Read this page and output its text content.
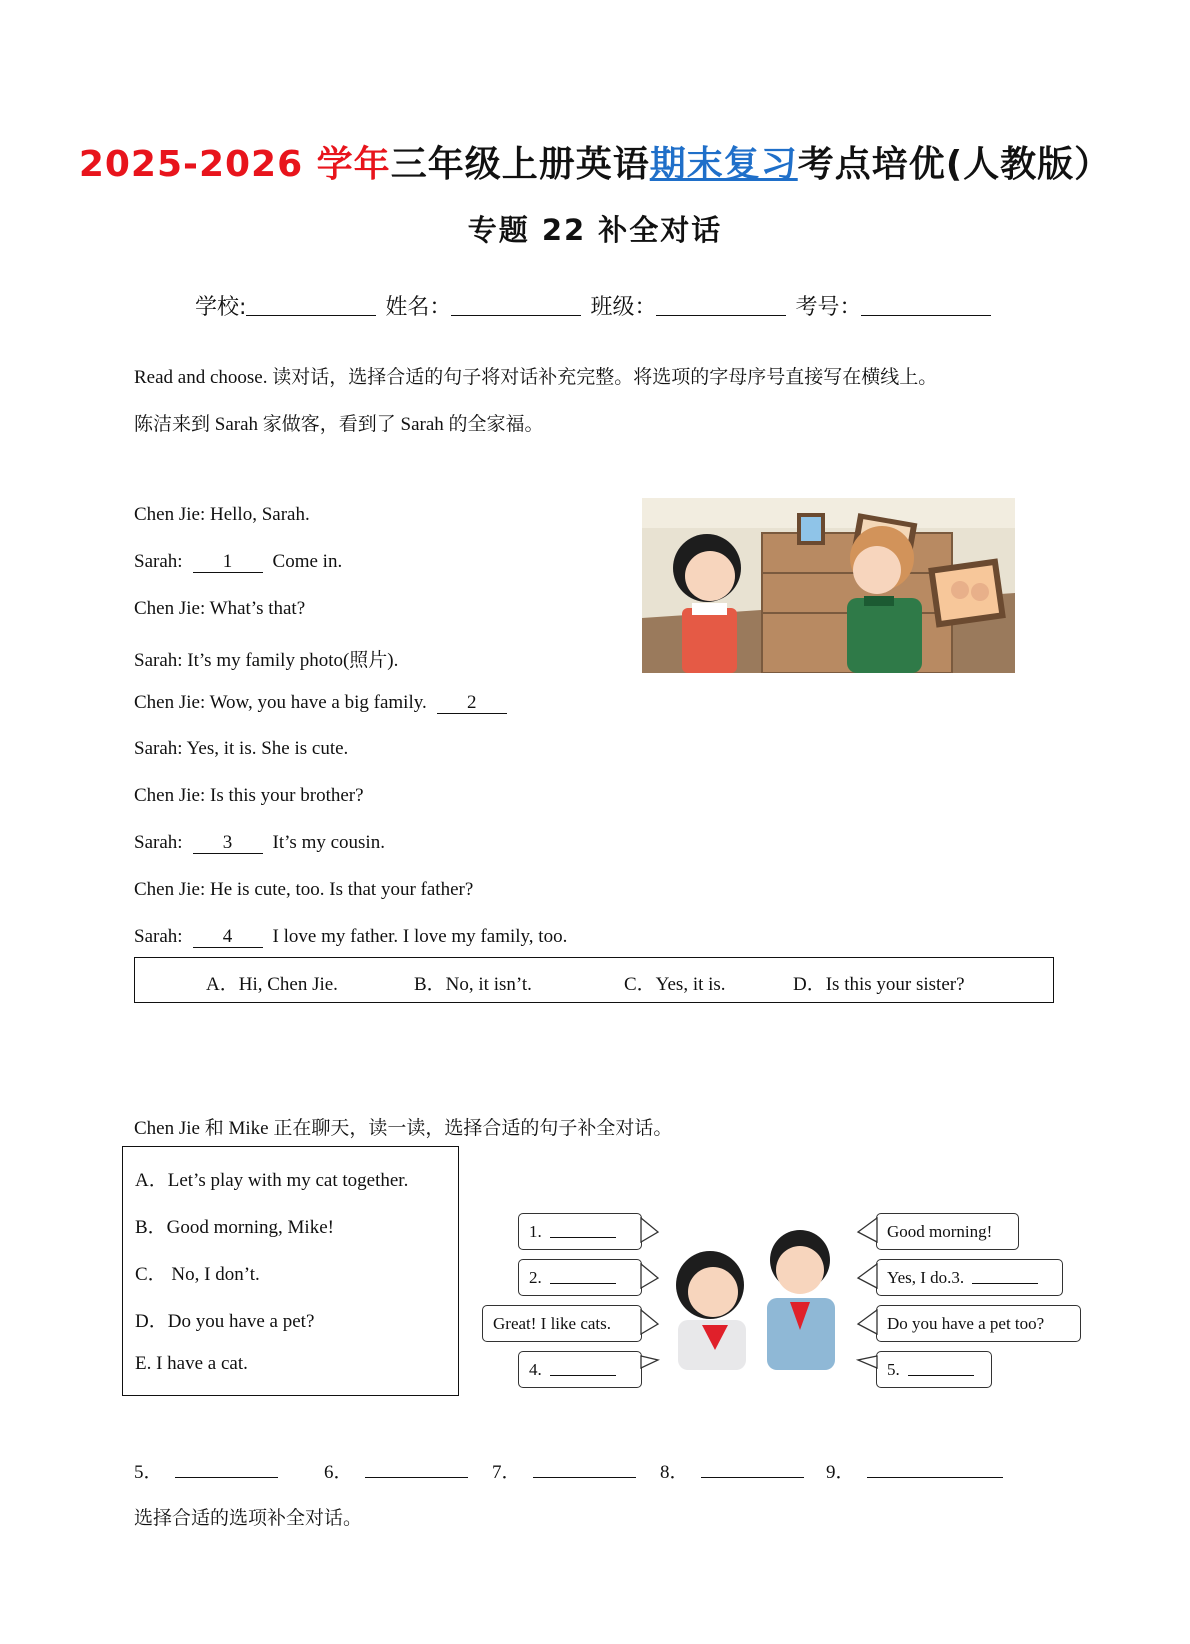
2025-2026 学年三年级上册英语期末复习考点培优(人教版）
专题 22 补全对话
学校:	姓名：	班级：	考号：
Read and choose. 读对话，选择合适的句子将对话补充完整。将选项的字母序号直接写在横线上。
陈洁来到 Sarah 家做客，看到了 Sarah 的全家福。
Chen Jie: Hello, Sarah.
Sarah: 1 Come in.
Chen Jie: What’s that?
Sarah: It’s my family photo(照片).
Chen Jie: Wow, you have a big family. 2
Sarah: Yes, it is. She is cute.
Chen Jie: Is this your brother?
Sarah: 3 It’s my cousin.
Chen Jie: He is cute, too. Is that your father?
Sarah: 4 I love my father. I love my family, too.
A．Hi, Chen Jie.	B．No, it isn’t.	C．Yes, it is.	D．Is this your sister?
Chen Jie 和 Mike 正在聊天，读一读，选择合适的句子补全对话。
A．Let’s play with my cat together.
B．Good morning, Mike!
C． No, I don’t.
D．Do you have a pet?
E. I have a cat.
1.
2.
Great! I like cats.
4.
Good morning!
Yes, I do.3.
Do you have a pet too?
5.
5．	6．	7．	8．	9．
选择合适的选项补全对话。
